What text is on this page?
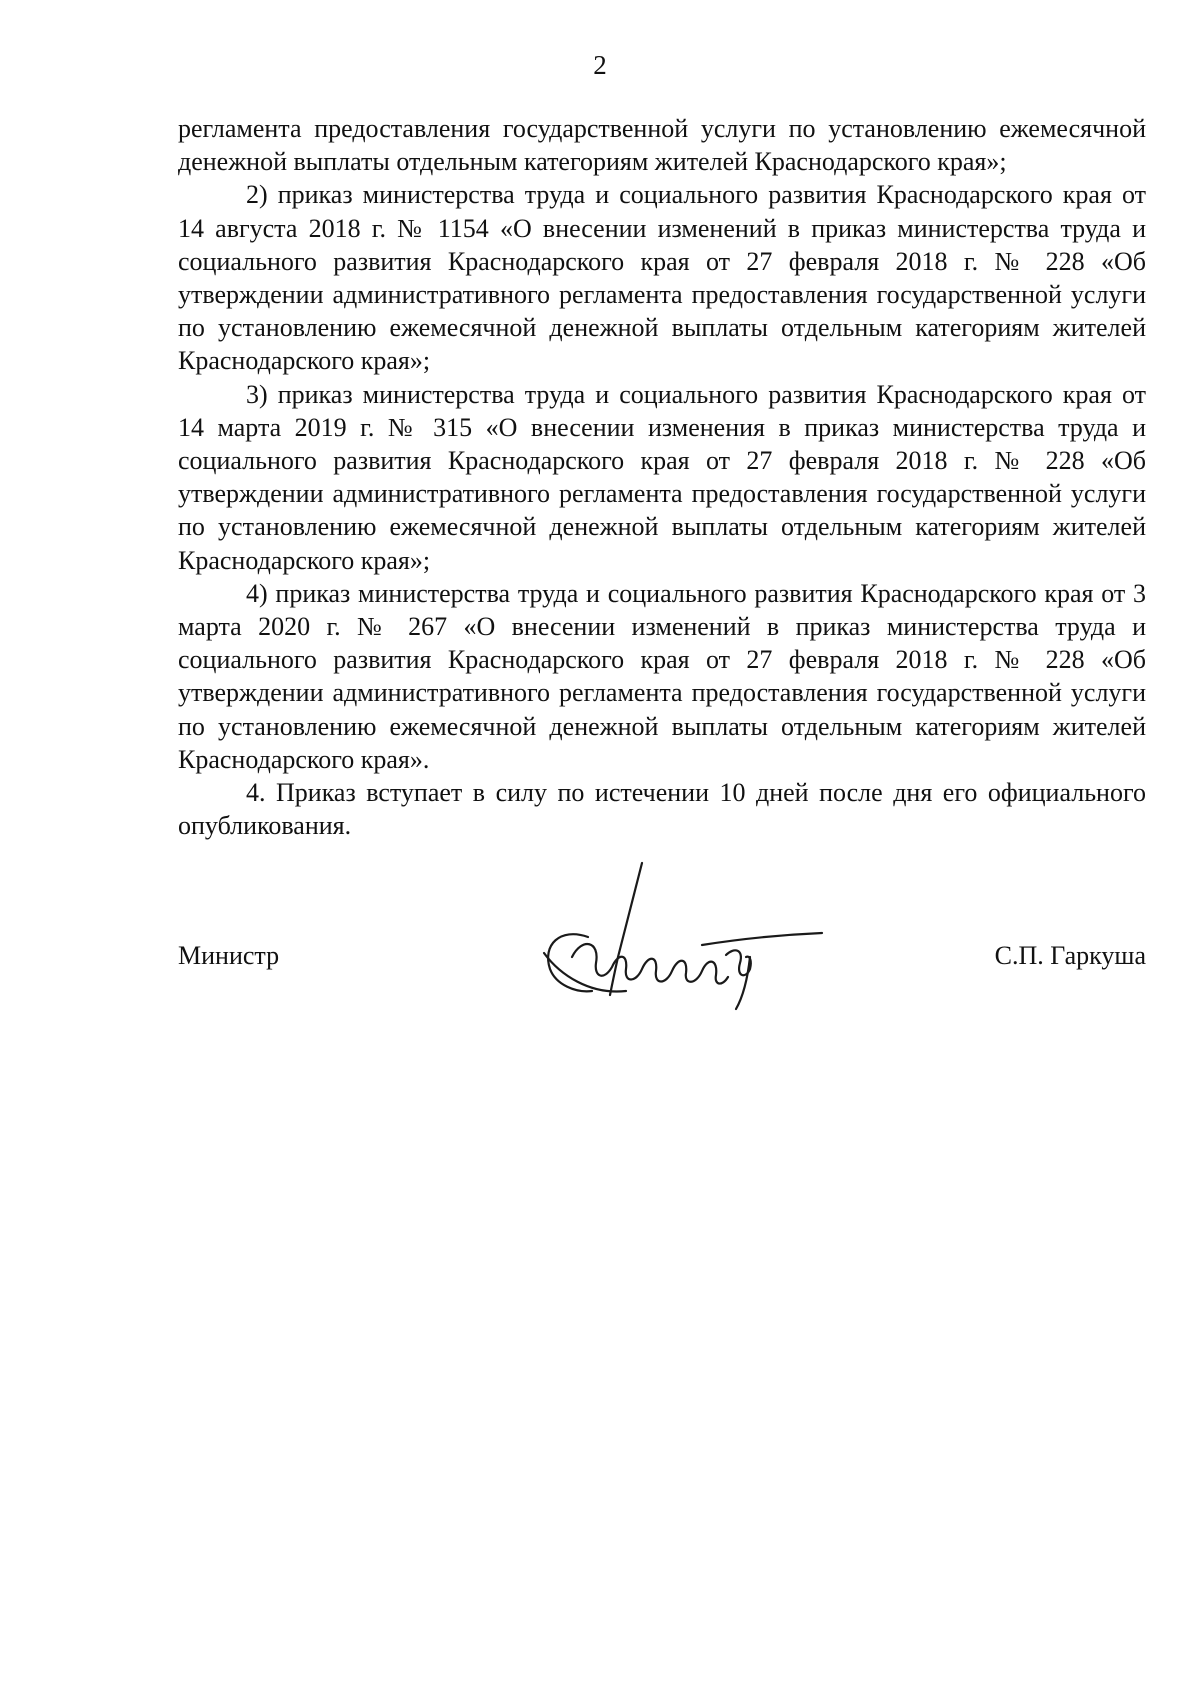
2

регламента предоставления государственной услуги по установлению ежемесячной денежной выплаты отдельным категориям жителей Краснодарского края»;

2) приказ министерства труда и социального развития Краснодарского края от 14 августа 2018 г. № 1154 «О внесении изменений в приказ министерства труда и социального развития Краснодарского края от 27 февраля 2018 г. № 228 «Об утверждении административного регламента предоставления государственной услуги по установлению ежемесячной денежной выплаты отдельным категориям жителей Краснодарского края»;

3) приказ министерства труда и социального развития Краснодарского края от 14 марта 2019 г. № 315 «О внесении изменения в приказ министерства труда и социального развития Краснодарского края от 27 февраля 2018 г. № 228 «Об утверждении административного регламента предоставления государственной услуги по установлению ежемесячной денежной выплаты отдельным категориям жителей Краснодарского края»;

4) приказ министерства труда и социального развития Краснодарского края от 3 марта 2020 г. № 267 «О внесении изменений в приказ министерства труда и социального развития Краснодарского края от 27 февраля 2018 г. № 228 «Об утверждении административного регламента предоставления государственной услуги по установлению ежемесячной денежной выплаты отдельным категориям жителей Краснодарского края».

4. Приказ вступает в силу по истечении 10 дней после дня его официального опубликования.

Министр	С.П. Гаркуша
